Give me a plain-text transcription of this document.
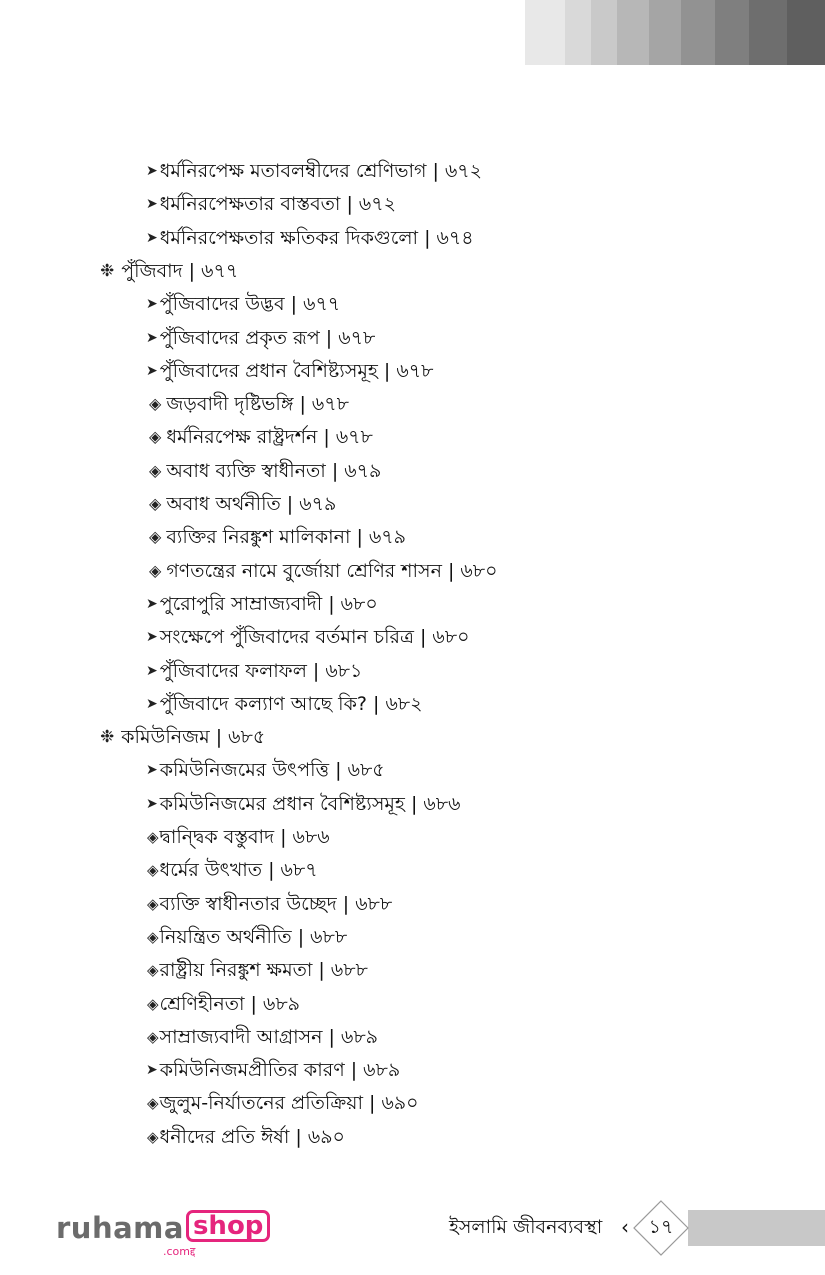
➤ ধর্মনিরপেক্ষ মতাবলম্বীদের শ্রেণিভাগ | ৬৭২
➤ ধর্মনিরপেক্ষতার বাস্তবতা | ৬৭২
➤ ধর্মনিরপেক্ষতার ক্ষতিকর দিকগুলো | ৬৭৪
❉ পুঁজিবাদ | ৬৭৭
➤ পুঁজিবাদের উদ্ভব | ৬৭৭
➤ পুঁজিবাদের প্রকৃত রূপ | ৬৭৮
➤ পুঁজিবাদের প্রধান বৈশিষ্ট্যসমূহ | ৬৭৮
◈ জড়বাদী দৃষ্টিভঙ্গি | ৬৭৮
◈ ধর্মনিরপেক্ষ রাষ্ট্রদর্শন | ৬৭৮
◈ অবাধ ব্যক্তি স্বাধীনতা | ৬৭৯
◈ অবাধ অর্থনীতি | ৬৭৯
◈ ব্যক্তির নিরঙ্কুশ মালিকানা | ৬৭৯
◈ গণতন্ত্রের নামে বুর্জোয়া শ্রেণির শাসন | ৬৮০
➤ পুরোপুরি সাম্রাজ্যবাদী | ৬৮০
➤ সংক্ষেপে পুঁজিবাদের বর্তমান চরিত্র | ৬৮০
➤ পুঁজিবাদের ফলাফল | ৬৮১
➤ পুঁজিবাদে কল্যাণ আছে কি? | ৬৮২
❉ কমিউনিজম | ৬৮৫
➤ কমিউনিজমের উৎপত্তি | ৬৮৫
➤ কমিউনিজমের প্রধান বৈশিষ্ট্যসমূহ | ৬৮৬
◈ দ্বান্দ্বিক বস্তুবাদ | ৬৮৬
◈ ধর্মের উৎখাত | ৬৮৭
◈ ব্যক্তি স্বাধীনতার উচ্ছেদ | ৬৮৮
◈ নিয়ন্ত্রিত অর্থনীতি | ৬৮৮
◈ রাষ্ট্রীয় নিরঙ্কুশ ক্ষমতা | ৬৮৮
◈ শ্রেণিহীনতা | ৬৮৯
◈ সাম্রাজ্যবাদী আগ্রাসন | ৬৮৯
➤ কমিউনিজমপ্রীতির কারণ | ৬৮৯
◈ জুলুম-নির্যাতনের প্রতিক্রিয়া | ৬৯০
◈ ধনীদের প্রতি ঈর্ষা | ৬৯০
ruhama shop
.comद्द
ইসলামি জীবনব্যবস্থা ‹ ১৭
